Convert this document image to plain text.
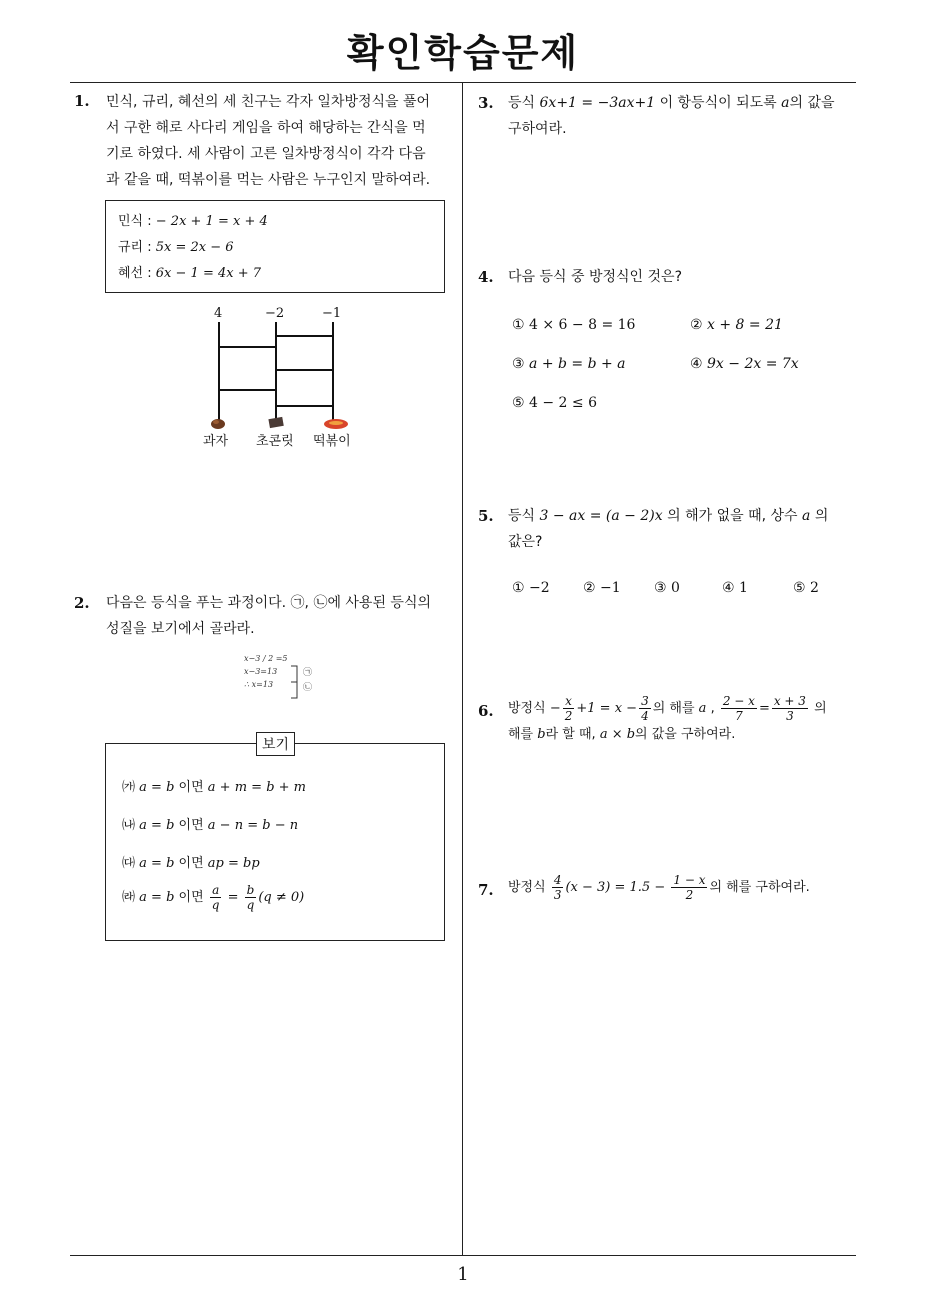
확인학습문제
1
1. 민식, 규리, 혜선의 세 친구는 각자 일차방정식을 풀어
서 구한 해로 사다리 게임을 하여 해당하는 간식을 먹
기로 하였다. 세 사람이 고른 일차방정식이 각각 다음
과 같을 때, 떡볶이를 먹는 사람은 누구인지 말하여라.
민식 : − 2x + 1 = x + 4
규리 : 5x = 2x − 6
혜선 : 6x − 1 = 4x + 7
4	−2	−1
과자 초콘릿 떡볶이
2. 다음은 등식을 푸는 과정이다. ㉠, ㉡에 사용된 등식의
성질을 보기에서 골라라.
x−3 / 2 =5
x−3=13
∴ x=13
㉠
㉡
보기
㈎ a = b 이면 a + m = b + m
㈏ a = b 이면 a − n = b − n
㈐ a = b 이면 ap = bp
㈑ a = b 이면 $\frac{a}{q} = \frac{b}{q} (q \ne 0)$
3. 등식 6x+1 = −3ax+1 이 항등식이 되도록 a의 값을
구하여라.
4. 다음 등식 중 방정식인 것은?
① 4 × 6 − 8 = 16	② x + 8 = 21
③ a + b = b + a	④ 9x − 2x = 7x
⑤ 4 − 2 ≤ 6
5. 등식 3 − ax = (a − 2)x 의 해가 없을 때, 상수 a 의
값은?
① −2 ② −1 ③ 0	④ 1	⑤ 2
6. 방정식 − $\frac{x}{2} +1 = x - \frac{3}{4}$ 의 해를 a , $\frac{2 - x}{7} = \frac{x + 3}{3}$ 의
해를 b라 할 때, a × b의 값을 구하여라.
7. 방정식 $\frac{4}{3} (x - 3) = 1.5 - \frac{1 - x}{2}$ 의 해를 구하여라.
